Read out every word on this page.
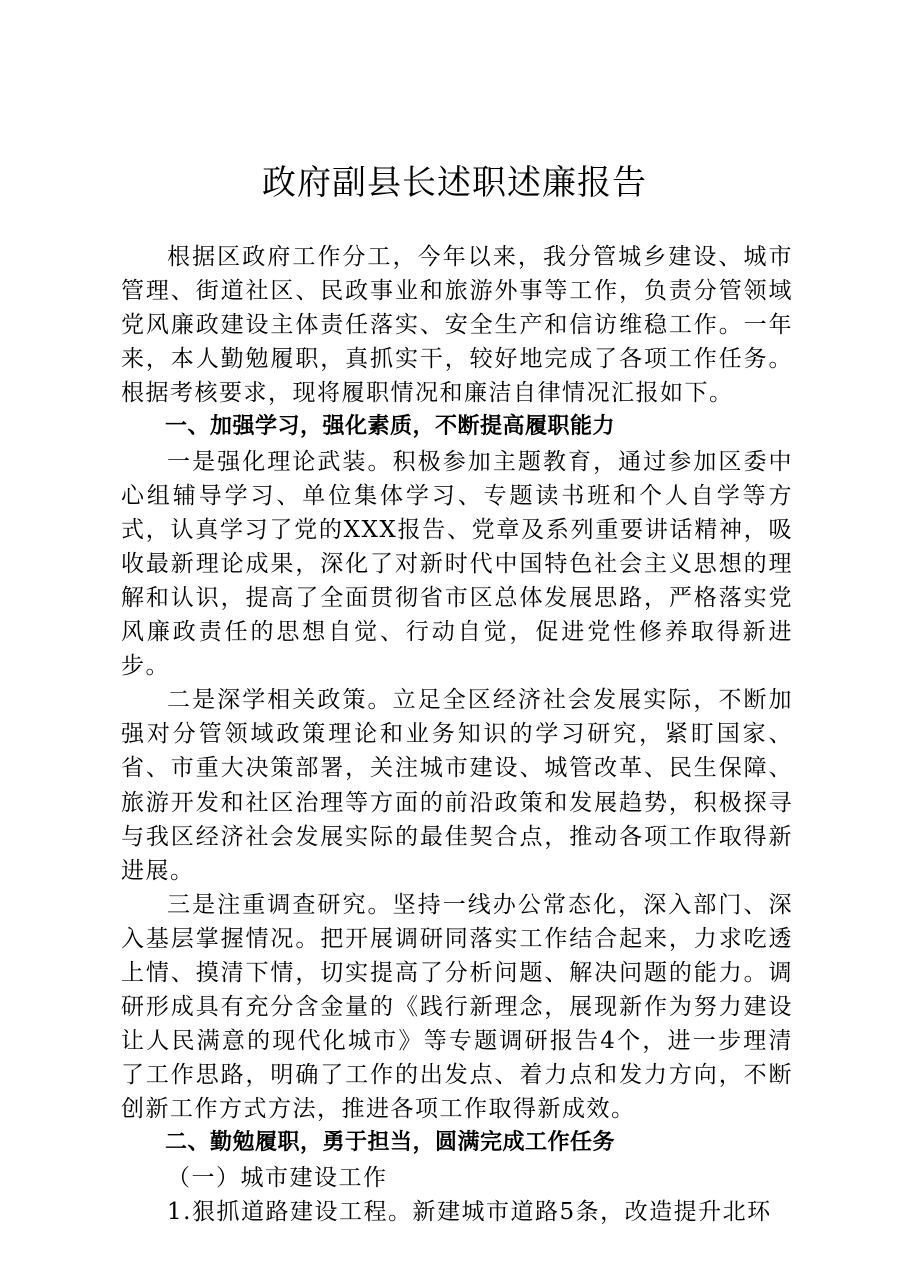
政府副县长述职述廉报告

根据区政府工作分工，今年以来，我分管城乡建设、城市管理、街道社区、民政事业和旅游外事等工作，负责分管领域党风廉政建设主体责任落实、安全生产和信访维稳工作。一年来，本人勤勉履职，真抓实干，较好地完成了各项工作任务。根据考核要求，现将履职情况和廉洁自律情况汇报如下。

一、加强学习，强化素质，不断提高履职能力

一是强化理论武装。积极参加主题教育，通过参加区委中心组辅导学习、单位集体学习、专题读书班和个人自学等方式，认真学习了党的XXX报告、党章及系列重要讲话精神，吸收最新理论成果，深化了对新时代中国特色社会主义思想的理解和认识，提高了全面贯彻省市区总体发展思路，严格落实党风廉政责任的思想自觉、行动自觉，促进党性修养取得新进步。

二是深学相关政策。立足全区经济社会发展实际，不断加强对分管领域政策理论和业务知识的学习研究，紧盯国家、省、市重大决策部署，关注城市建设、城管改革、民生保障、旅游开发和社区治理等方面的前沿政策和发展趋势，积极探寻与我区经济社会发展实际的最佳契合点，推动各项工作取得新进展。

三是注重调查研究。坚持一线办公常态化，深入部门、深入基层掌握情况。把开展调研同落实工作结合起来，力求吃透上情、摸清下情，切实提高了分析问题、解决问题的能力。调研形成具有充分含金量的《践行新理念，展现新作为努力建设让人民满意的现代化城市》等专题调研报告4个，进一步理清了工作思路，明确了工作的出发点、着力点和发力方向，不断创新工作方式方法，推进各项工作取得新成效。

二、勤勉履职，勇于担当，圆满完成工作任务

（一）城市建设工作

1.狠抓道路建设工程。新建城市道路5条，改造提升北环
